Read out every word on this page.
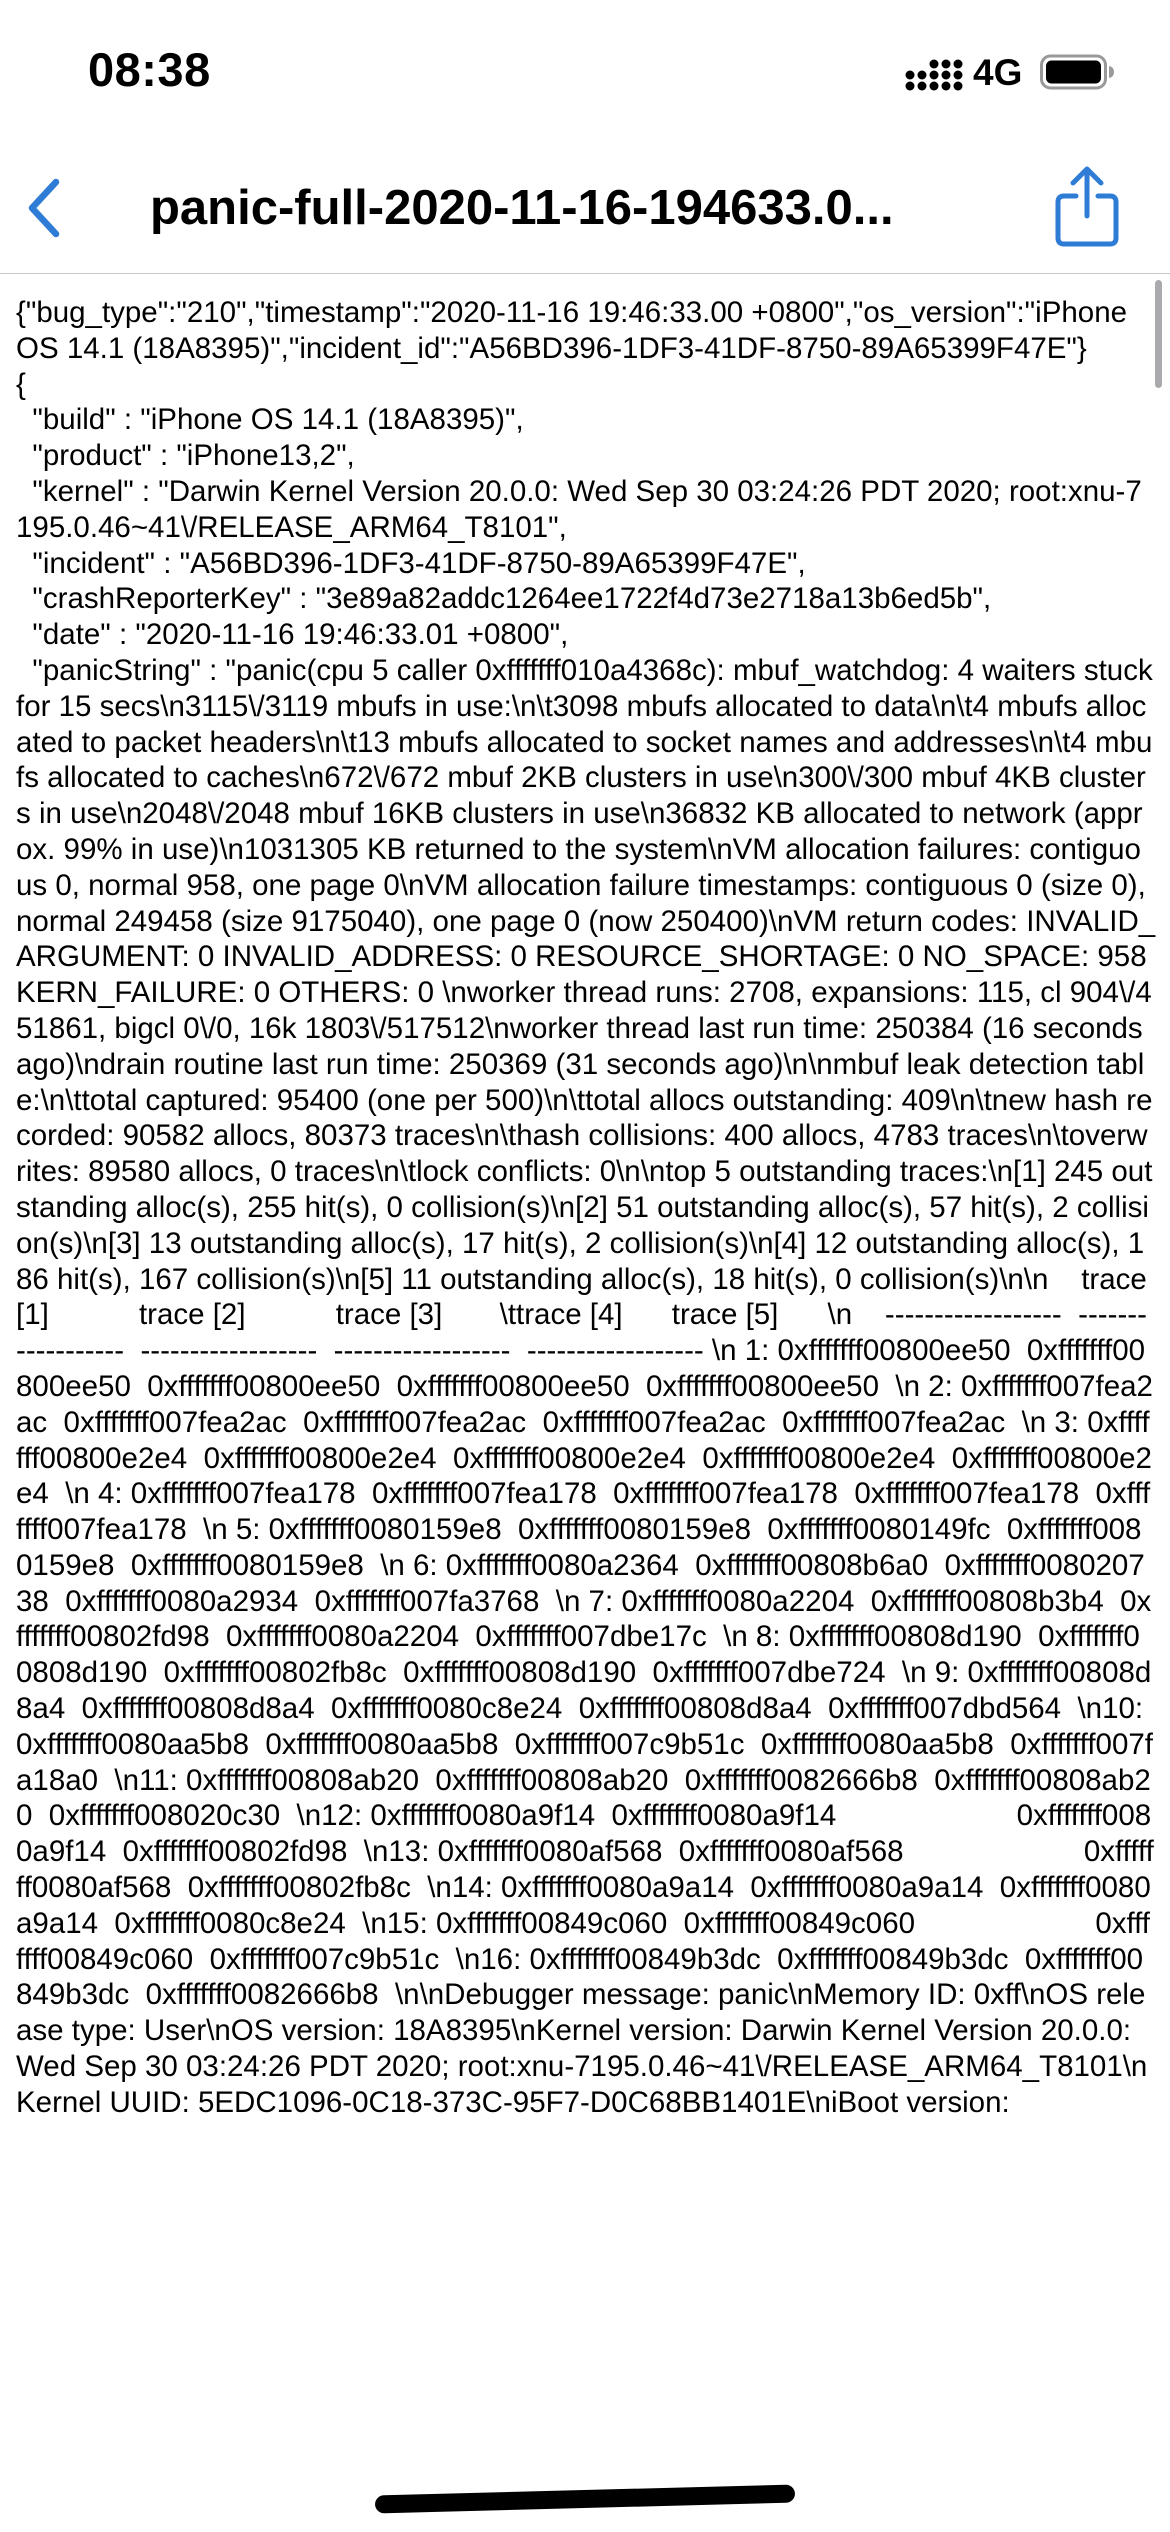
08:38	4G
panic-full-2020-11-16-194633.0...
{"bug_type":"210","timestamp":"2020-11-16 19:46:33.00 +0800","os_version":"iPhone OS 14.1 (18A8395)","incident_id":"A56BD396-1DF3-41DF-8750-89A65399F47E"}
{
"build" : "iPhone OS 14.1 (18A8395)",
"product" : "iPhone13,2",
"kernel" : "Darwin Kernel Version 20.0.0: Wed Sep 30 03:24:26 PDT 2020; root:xnu-7195.0.46~41\/RELEASE_ARM64_T8101",
"incident" : "A56BD396-1DF3-41DF-8750-89A65399F47E",
"crashReporterKey" : "3e89a82addc1264ee1722f4d73e2718a13b6ed5b",
"date" : "2020-11-16 19:46:33.01 +0800",
"panicString" : "panic(cpu 5 caller 0xfffffff010a4368c): mbuf_watchdog: 4 waiters stuck for 15 secs\n3115\/3119 mbufs in use:\n\t3098 mbufs allocated to data\n\t4 mbufs allocated to packet headers\n\t13 mbufs allocated to socket names and addresses\n\t4 mbufs allocated to caches\n672\/672 mbuf 2KB clusters in use\n300\/300 mbuf 4KB clusters in use\n2048\/2048 mbuf 16KB clusters in use\n36832 KB allocated to network (approx. 99% in use)\n1031305 KB returned to the system\nVM allocation failures: contiguous 0, normal 958, one page 0\nVM allocation failure timestamps: contiguous 0 (size 0), normal 249458 (size 9175040), one page 0 (now 250400)\nVM return codes: INVALID_ARGUMENT: 0 INVALID_ADDRESS: 0 RESOURCE_SHORTAGE: 0 NO_SPACE: 958 KERN_FAILURE: 0 OTHERS: 0 \nworker thread runs: 2708, expansions: 115, cl 904\/451861, bigcl 0\/0, 16k 1803\/517512\nworker thread last run time: 250384 (16 seconds ago)\ndrain routine last run time: 250369 (31 seconds ago)\n\nmbuf leak detection table:\n\ttotal captured: 95400 (one per 500)\n\ttotal allocs outstanding: 409\n\tnew hash recorded: 90582 allocs, 80373 traces\n\thash collisions: 400 allocs, 4783 traces\n\toverwrites: 89580 allocs, 0 traces\n\tlock conflicts: 0\n\ntop 5 outstanding traces:\n[1] 245 outstanding alloc(s), 255 hit(s), 0 collision(s)\n[2] 51 outstanding alloc(s), 57 hit(s), 2 collision(s)\n[3] 13 outstanding alloc(s), 17 hit(s), 2 collision(s)\n[4] 12 outstanding alloc(s), 186 hit(s), 167 collision(s)\n[5] 11 outstanding alloc(s), 18 hit(s), 0 collision(s)\n\n    trace [1]           trace [2]           trace [3]       \ttrace [4]      trace [5]      \n    ------------------  ------------------  ------------------  ------------------  ------------------ \n 1: 0xfffffff00800ee50  0xfffffff00800ee50  0xfffffff00800ee50  0xfffffff00800ee50  0xfffffff00800ee50  \n 2: 0xfffffff007fea2ac  0xfffffff007fea2ac  0xfffffff007fea2ac  0xfffffff007fea2ac  0xfffffff007fea2ac  \n 3: 0xfffffff00800e2e4  0xfffffff00800e2e4  0xfffffff00800e2e4  0xfffffff00800e2e4  0xfffffff00800e2e4  \n 4: 0xfffffff007fea178  0xfffffff007fea178  0xfffffff007fea178  0xfffffff007fea178  0xfffffff007fea178  \n 5: 0xfffffff0080159e8  0xfffffff0080159e8  0xfffffff0080149fc  0xfffffff0080159e8  0xfffffff0080159e8  \n 6: 0xfffffff0080a2364  0xfffffff00808b6a0  0xfffffff008020738  0xfffffff0080a2934  0xfffffff007fa3768  \n 7: 0xfffffff0080a2204  0xfffffff00808b3b4  0xfffffff00802fd98  0xfffffff0080a2204  0xfffffff007dbe17c  \n 8: 0xfffffff00808d190  0xfffffff00808d190  0xfffffff00802fb8c  0xfffffff00808d190  0xfffffff007dbe724  \n 9: 0xfffffff00808d8a4  0xfffffff00808d8a4  0xfffffff0080c8e24  0xfffffff00808d8a4  0xfffffff007dbd564  \n10: 0xfffffff0080aa5b8  0xfffffff0080aa5b8  0xfffffff007c9b51c  0xfffffff0080aa5b8  0xfffffff007fa18a0  \n11: 0xfffffff00808ab20  0xfffffff00808ab20  0xfffffff0082666b8  0xfffffff00808ab20  0xfffffff008020c30  \n12: 0xfffffff0080a9f14  0xfffffff0080a9f14                      0xfffffff0080a9f14  0xfffffff00802fd98  \n13: 0xfffffff0080af568  0xfffffff0080af568                      0xfffffff0080af568  0xfffffff00802fb8c  \n14: 0xfffffff0080a9a14  0xfffffff0080a9a14  0xfffffff0080a9a14  0xfffffff0080c8e24  \n15: 0xfffffff00849c060  0xfffffff00849c060                      0xfffffff00849c060  0xfffffff007c9b51c  \n16: 0xfffffff00849b3dc  0xfffffff00849b3dc  0xfffffff00849b3dc  0xfffffff0082666b8  \n\nDebugger message: panic\nMemory ID: 0xff\nOS release type: User\nOS version: 18A8395\nKernel version: Darwin Kernel Version 20.0.0: Wed Sep 30 03:24:26 PDT 2020; root:xnu-7195.0.46~41\/RELEASE_ARM64_T8101\nKernel UUID: 5EDC1096-0C18-373C-95F7-D0C68BB1401E\niBoot version:
